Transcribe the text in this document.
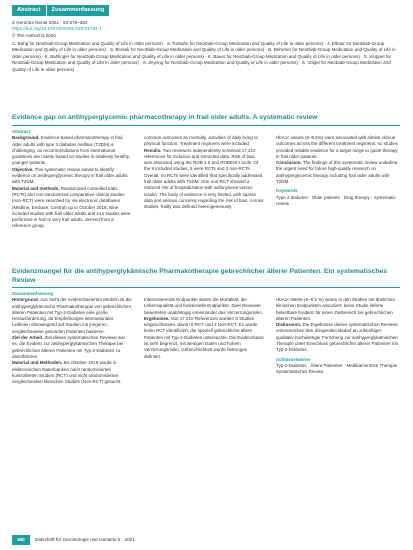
Abstract	Zusammenfassung
Z Gerontol Geriat 2021 · 54:378–384
https://doi.org/10.1007/s00391-020-01754-1
© The Author(s) 2020
C. Bahg for NeoDiab-Group Medication and Quality of Life in older persons) · S. Torbahn for NeoDiab-Group Medication and Quality of Life in older persons) · J. Elbaar for NeoDiab-Group Medication and Quality of Life in older persons) · S. Brosek for NeoDiab-Group Medication and Quality of Life in older persons) · B. Dehrmer for NeoDiab-Group Medication and Quality of Life in older persons) · K. Bahlinger for NeoDiab-Group Medication and Quality of Life in older persons) · K. Bauer for NeoDiab-Group Medication and Quality of Life in older persons) · S. Kiuppel for NeoDiab-Group Medication and Quality of Life in older persons) · S. Zeyring for NeoDiab-Group Medication and Quality of Life in older persons) · S. Volgel for NeoDiab-Group Medication and Quality of Life in older persons)
Evidence gap on antihyperglycemic pharmacotherapy in frail older adults. A systematic review
Abstract

Background. Evidence-based pharmacotherapy in frail older adults with type 2 diabetes mellitus (T2DM) is challenging, as recommendations from international guidelines are mainly based on studies in relatively healthy, younger patients.

Objective. This systematic review aimed to identify evidence on antihyperglycemic therapy in frail older adults with T2DM.

Material and methods. Randomized controlled trials (RCTs) and non-randomized comparative clinical studies (non-RCT) were searched for via electronic databases (Medline, Embase, Central) up to October 2018. Nine included studies with frail older adults and ≥14 studies were performed in frail or very frail adults, derived from a reference group.

common outcomes as mortality, activities of daily living or physical function. Treatment regimens were included.

Results. Two reviewers independently screened 17,210 references for inclusion and extracted data. Risk of bias was assessed using the ROB 2.0 and ROBINS-I tools. Of the 8 included studies, 5 were RCTs and 3 non-RCTs. Overall, no RCTs were identified that specifically addressed frail older adults with T2DM. One non-RCT showed a reduced risk of hospitalization with sulfonylurea versus insulin. The body of evidence is very limited, with sparse data and serious concerns regarding the risk of bias. Across studies, frailty was defined heterogeneously.

HbA1c values (6–8.5%) were associated with similar clinical outcomes across the different treatment regimens; no studies provided reliable evidence for a target range to guide therapy in frail older patients.

Conclusion. The findings of this systematic review underline the urgent need for future high-quality research on antihyperglycemic therapy including frail older adults with T2DM.

Keywords

Type 2 diabetes · Older patients · Drug therapy · Systematic review

Evidenzmangel für die antihyperglykämische Pharmakotherapie gebrechlicher älterer Patienten. Ein systematisches Review
Zusammenfassung

Hintergrund. Aus Sicht der evidenzbasierten Medizin ist die antihyperglykämische Pharmakotherapie von gebrechlichen älteren Patienten mit Typ-2-Diabetes eine große Herausforderung, da Empfehlungen internationaler Leitlinien überwiegend auf Studien mit jüngeren, vergleichsweise gesunden Patienten basieren.

Ziel der Arbeit. Ziel dieses systematischen Reviews war es, die Evidenz zur antihyperglykämischen Therapie bei gebrechlichen älteren Patienten mit Typ-2-Diabetes zu identifizieren.

Material und Methoden. Bis Oktober 2018 wurde in elektronischen Datenbanken nach randomisierten kontrollierten Studien (RCT) und nicht randomisierten vergleichenden klinischen Studien (Non-RCT) gesucht.

Interessierende Endpunkte waren die Mortalität, die Lebensqualität und funktionelle Endpunkte. Zwei Reviewer bewerteten unabhängig voneinander das Verzerrungsrisiko.

Ergebnisse. Von 17.210 Referenzen wurden 8 Studien eingeschlossen, davon 5 RCT und 3 Non-RCT. Es wurde keine RCT identifiziert, die speziell gebrechliche ältere Patienten mit Typ-2-Diabetes untersuchte. Die Evidenzbasis ist sehr begrenzt, mit wenigen Daten und hohem Verzerrungsrisiko; Gebrechlichkeit wurde heterogen definiert.

HbA1c-Werte (6–8,5 %) waren in den Studien mit ähnlichen klinischen Endpunkten assoziiert; keine Studie lieferte belastbare Evidenz für einen Zielbereich bei gebrechlichen älteren Patienten.

Diskussion. Die Ergebnisse dieses systematischen Reviews unterstreichen den dringenden Bedarf an zukünftiger, qualitativ hochwertiger Forschung zur antihyperglykämischen Therapie unter Einschluss gebrechlicher älterer Patienten mit Typ-2-Diabetes.

Schlüsselwörter

Typ-2-Diabetes · Ältere Patienten · Medikamentöse Therapie · Systematisches Review

380	Zeitschrift für Gerontologie und Geriatrie 5 · 2021
